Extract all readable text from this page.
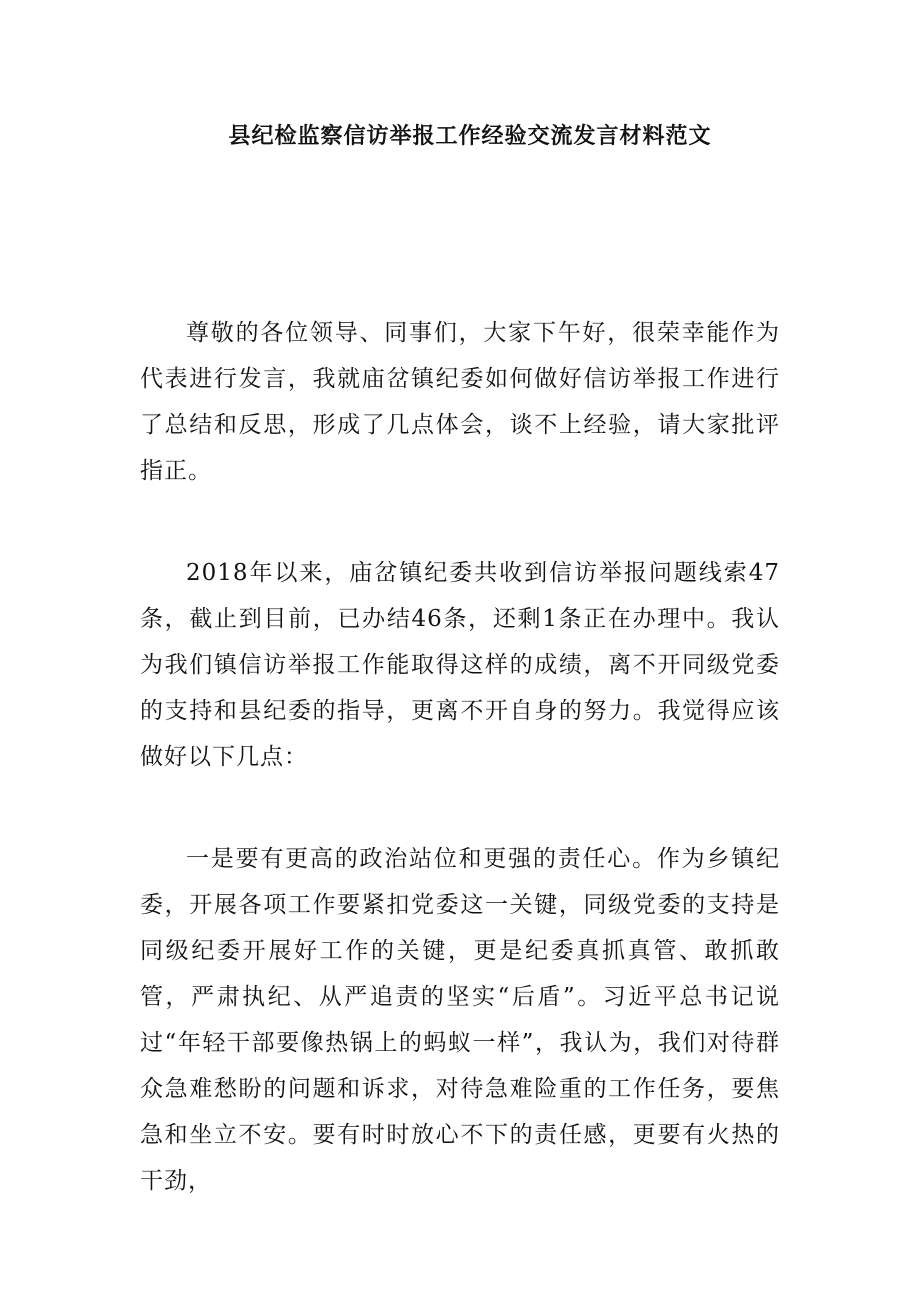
县纪检监察信访举报工作经验交流发言材料范文

尊敬的各位领导、同事们，大家下午好，很荣幸能作为代表进行发言，我就庙岔镇纪委如何做好信访举报工作进行了总结和反思，形成了几点体会，谈不上经验，请大家批评指正。

2018年以来，庙岔镇纪委共收到信访举报问题线索47条，截止到目前，已办结46条，还剩1条正在办理中。我认为我们镇信访举报工作能取得这样的成绩，离不开同级党委的支持和县纪委的指导，更离不开自身的努力。我觉得应该做好以下几点：

一是要有更高的政治站位和更强的责任心。作为乡镇纪委，开展各项工作要紧扣党委这一关键，同级党委的支持是同级纪委开展好工作的关键，更是纪委真抓真管、敢抓敢管，严肃执纪、从严追责的坚实“后盾”。习近平总书记说过“年轻干部要像热锅上的蚂蚁一样”，我认为，我们对待群众急难愁盼的问题和诉求，对待急难险重的工作任务，要焦急和坐立不安。要有时时放心不下的责任感，更要有火热的干劲，
